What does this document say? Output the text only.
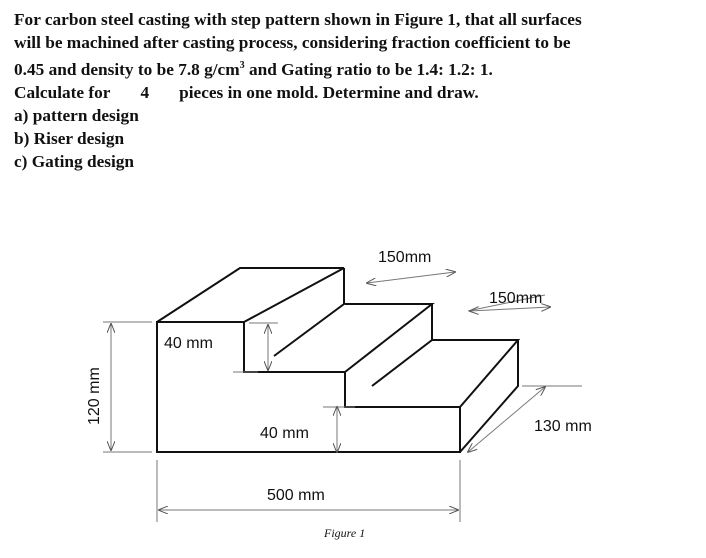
For carbon steel casting with step pattern shown in Figure 1, that all surfaces

will be machined after casting process, considering fraction coefficient to be

0.45 and density to be 7.8 $g/cm^3$ and Gating ratio to be 1.4: 1.2: 1.

Calculate for 4 pieces in one mold. Determine and draw.

a) pattern design

b) Riser design

c) Gating design

150mm
150mm
40 mm
40 mm	130 mm
120 mm
500 mm
Figure 1
